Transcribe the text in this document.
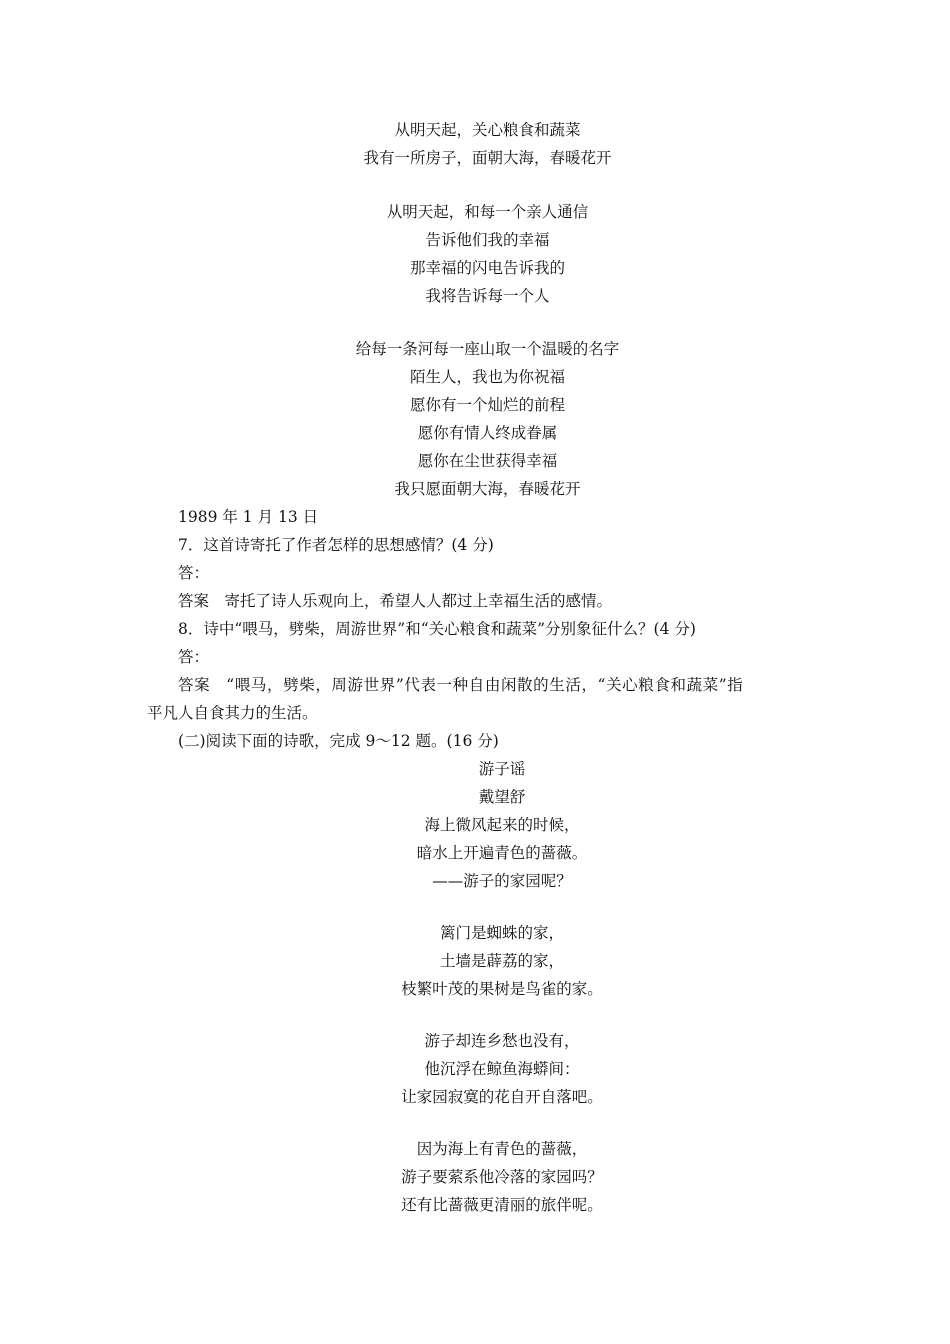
从明天起，关心粮食和蔬菜
我有一所房子，面朝大海，春暖花开
从明天起，和每一个亲人通信
告诉他们我的幸福
那幸福的闪电告诉我的
我将告诉每一个人
给每一条河每一座山取一个温暖的名字
陌生人，我也为你祝福
愿你有一个灿烂的前程
愿你有情人终成眷属
愿你在尘世获得幸福
我只愿面朝大海，春暖花开
1989 年 1 月 13 日
7．这首诗寄托了作者怎样的思想感情？(4 分)
答：
答案　寄托了诗人乐观向上，希望人人都过上幸福生活的感情。
8．诗中“喂马，劈柴，周游世界”和“关心粮食和蔬菜”分别象征什么？(4 分)
答：
答案　“喂马，劈柴，周游世界”代表一种自由闲散的生活，“关心粮食和蔬菜”指
平凡人自食其力的生活。
(二)阅读下面的诗歌，完成 9～12 题。(16 分)
游子谣
戴望舒
海上微风起来的时候，
暗水上开遍青色的蔷薇。
——游子的家园呢？
篱门是蜘蛛的家，
土墙是薜荔的家，
枝繁叶茂的果树是鸟雀的家。
游子却连乡愁也没有，
他沉浮在鲸鱼海蟒间：
让家园寂寞的花自开自落吧。
因为海上有青色的蔷薇，
游子要萦系他冷落的家园吗？
还有比蔷薇更清丽的旅伴呢。
